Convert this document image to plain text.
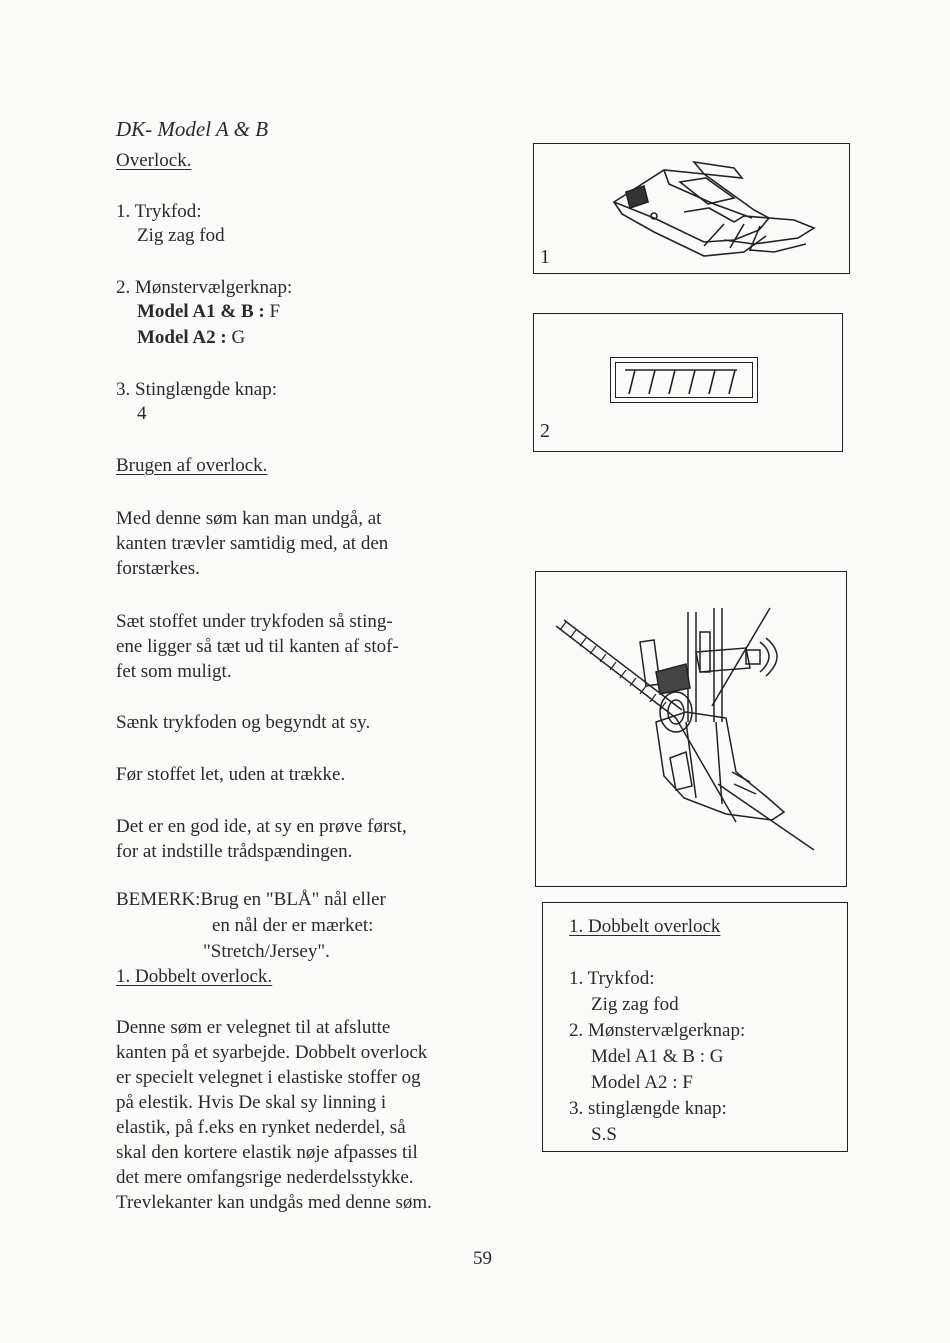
DK- Model A & B
Overlock.
1. Trykfod:
Zig zag fod
2. Mønstervælgerknap:
Model A1 & B : F
Model A2 : G
3. Stinglængde knap:
4
Brugen af overlock.
Med denne søm kan man undgå, at
kanten trævler samtidig med, at den
forstærkes.
Sæt stoffet under trykfoden så sting-
ene ligger så tæt ud til kanten af stof-
fet som muligt.
Sænk trykfoden og begyndt at sy.
Før stoffet let, uden at trække.
Det er en god ide, at sy en prøve først,
for at indstille trådspændingen.
BEMERK:Brug en "BLÅ" nål eller
en nål der er mærket:
"Stretch/Jersey".
1. Dobbelt overlock.
Denne søm er velegnet til at afslutte
kanten på et syarbejde. Dobbelt overlock
er specielt velegnet i elastiske stoffer og
på elestik. Hvis De skal sy linning i
elastik, på f.eks en rynket nederdel, så
skal den kortere elastik nøje afpasses til
det mere omfangsrige nederdelsstykke.
Trevlekanter kan undgås med denne søm.
1
2
1. Dobbelt overlock
1. Trykfod:
Zig zag fod
2. Mønstervælgerknap:
Mdel A1 & B : G
Model A2 : F
3. stinglængde knap:
S.S
59
